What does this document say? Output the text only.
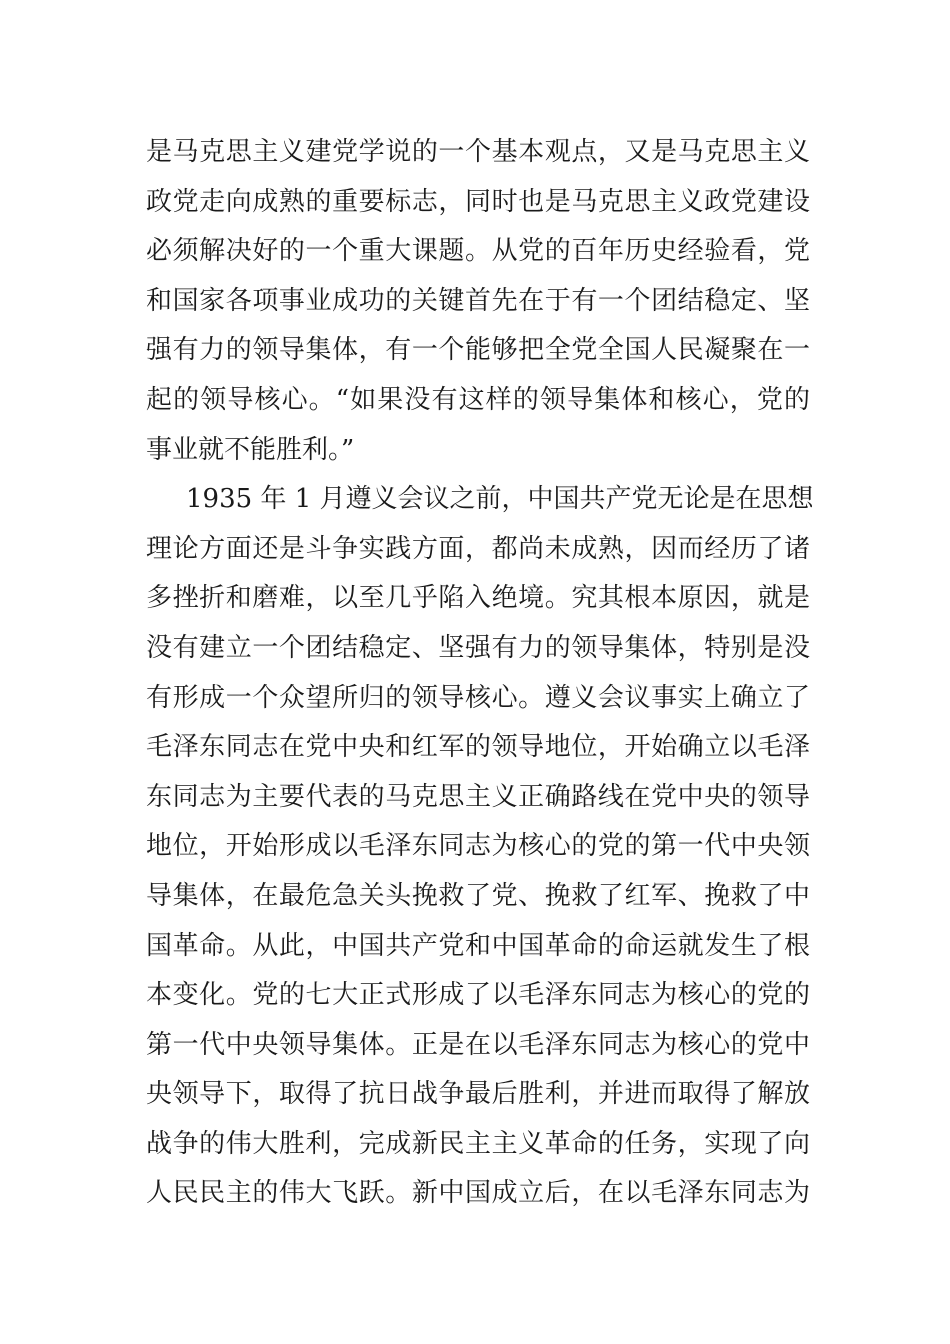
是马克思主义建党学说的一个基本观点，又是马克思主义
政党走向成熟的重要标志，同时也是马克思主义政党建设
必须解决好的一个重大课题。从党的百年历史经验看，党
和国家各项事业成功的关键首先在于有一个团结稳定、坚
强有力的领导集体，有一个能够把全党全国人民凝聚在一
起的领导核心。“如果没有这样的领导集体和核心，党的
事业就不能胜利。”
1935 年 1 月遵义会议之前，中国共产党无论是在思想
理论方面还是斗争实践方面，都尚未成熟，因而经历了诸
多挫折和磨难，以至几乎陷入绝境。究其根本原因，就是
没有建立一个团结稳定、坚强有力的领导集体，特别是没
有形成一个众望所归的领导核心。遵义会议事实上确立了
毛泽东同志在党中央和红军的领导地位，开始确立以毛泽
东同志为主要代表的马克思主义正确路线在党中央的领导
地位，开始形成以毛泽东同志为核心的党的第一代中央领
导集体，在最危急关头挽救了党、挽救了红军、挽救了中
国革命。从此，中国共产党和中国革命的命运就发生了根
本变化。党的七大正式形成了以毛泽东同志为核心的党的
第一代中央领导集体。正是在以毛泽东同志为核心的党中
央领导下，取得了抗日战争最后胜利，并进而取得了解放
战争的伟大胜利，完成新民主主义革命的任务，实现了向
人民民主的伟大飞跃。新中国成立后，在以毛泽东同志为
